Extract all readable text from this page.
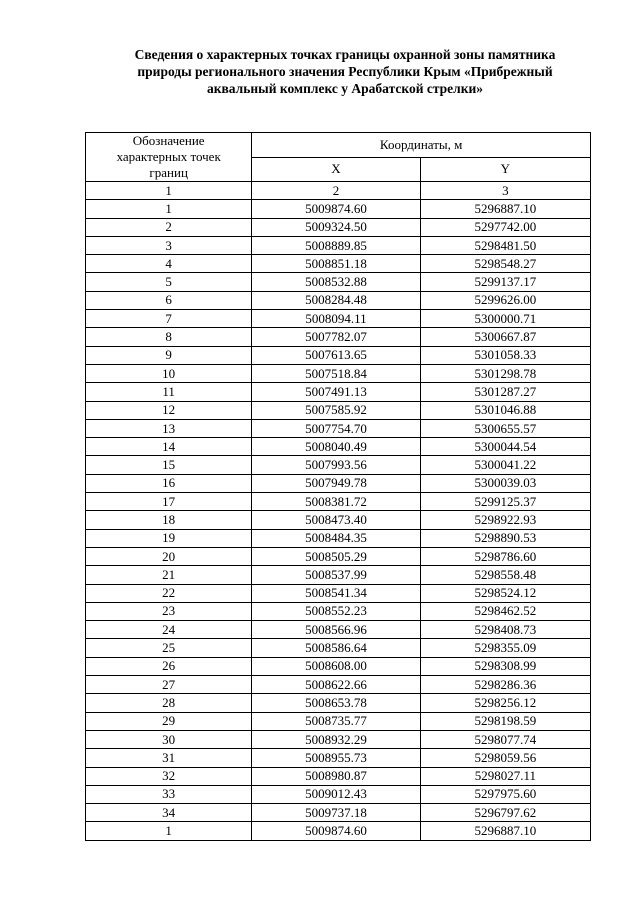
Сведения о характерных точках границы охранной зоны памятника
природы регионального значения Республики Крым «Прибрежный
аквальный комплекс у Арабатской стрелки»
Обозначение
характерных точек
границ	Координаты, м	
	X	Y
1	2	3
1	5009874.60	5296887.10
2	5009324.50	5297742.00
3	5008889.85	5298481.50
4	5008851.18	5298548.27
5	5008532.88	5299137.17
6	5008284.48	5299626.00
7	5008094.11	5300000.71
8	5007782.07	5300667.87
9	5007613.65	5301058.33
10	5007518.84	5301298.78
11	5007491.13	5301287.27
12	5007585.92	5301046.88
13	5007754.70	5300655.57
14	5008040.49	5300044.54
15	5007993.56	5300041.22
16	5007949.78	5300039.03
17	5008381.72	5299125.37
18	5008473.40	5298922.93
19	5008484.35	5298890.53
20	5008505.29	5298786.60
21	5008537.99	5298558.48
22	5008541.34	5298524.12
23	5008552.23	5298462.52
24	5008566.96	5298408.73
25	5008586.64	5298355.09
26	5008608.00	5298308.99
27	5008622.66	5298286.36
28	5008653.78	5298256.12
29	5008735.77	5298198.59
30	5008932.29	5298077.74
31	5008955.73	5298059.56
32	5008980.87	5298027.11
33	5009012.43	5297975.60
34	5009737.18	5296797.62
1	5009874.60	5296887.10
